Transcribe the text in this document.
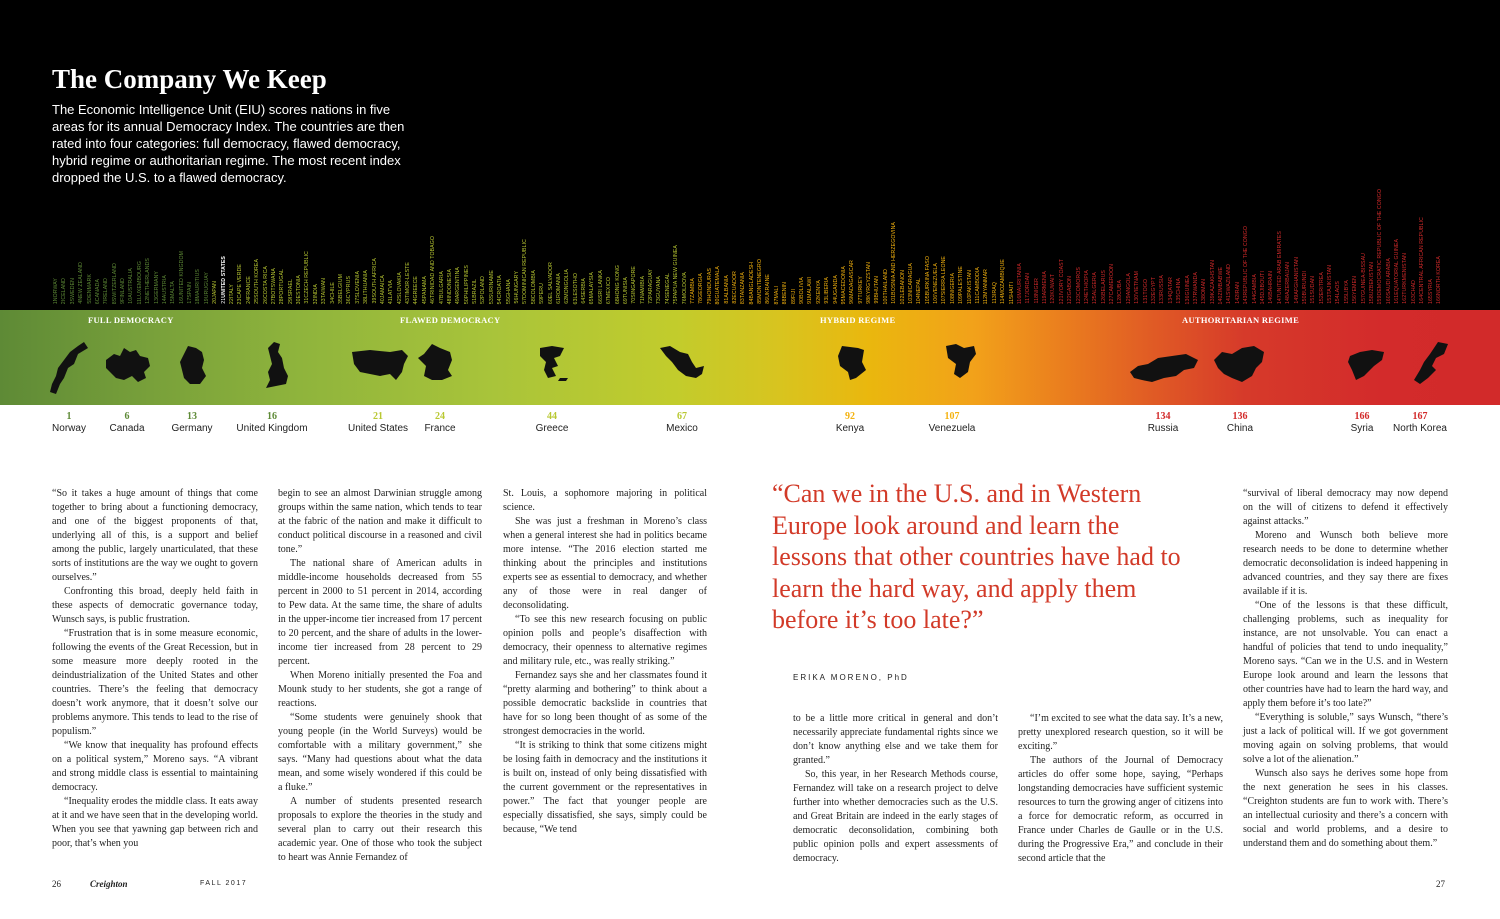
The Company We Keep

The Economic Intelligence Unit (EIU) scores nations in five areas for its annual Democracy Index. The countries are then rated into four categories: full democracy, flawed democracy, hybrid regime or authoritarian regime. The most recent index dropped the U.S. to a flawed democracy.

1NORWAY
2ICELAND
3SWEDEN
4NEW ZEALAND
5DENMARK
6CANADA
7IRELAND
8SWITZERLAND
9FINLAND
10AUSTRALIA
11LUXEMBOURG
12NETHERLANDS
13GERMANY
14AUSTRIA
15MALTA
16UNITED KINGDOM
17SPAIN
18MAURITIUS
19URUGUAY
20JAPAN
21UNITED STATES
22ITALY
23CAPE VERDE
24FRANCE
25SOUTH KOREA
26COSTA RICA
27BOTSWANA
28PORTUGAL
29ISRAEL
30ESTONIA
31CZECH REPUBLIC
32INDIA
33TAIWAN
34CHILE
35BELGIUM
36CYPRUS
37SLOVENIA
38LITHUANIA
39SOUTH AFRICA
40JAMAICA
41LATVIA
42SLOVAKIA
43TIMOR-LESTE
44GREECE
45PANAMA
46TRINIDAD AND TOBAGO
47BULGARIA
48INDONESIA
49ARGENTINA
50PHILIPPINES
51BRAZIL
52POLAND
53SURINAME
54CROATIA
55GHANA
56HUNGARY
57DOMINICAN REPUBLIC
58COLOMBIA
59PERU
60EL SALVADOR
61ROMANIA
62MONGOLIA
63LESOTHO
64SERBIA
65MALAYSIA
66SRI LANKA
67MEXICO
68HONG KONG
69TUNISIA
70SINGAPORE
71NAMIBIA
72PARAGUAY
73GUYANA
74SENEGAL
75PAPUA NEW GUINEA
76MOLDOVA
77ZAMBIA
78GEORGIA
79HONDURAS
80GUATEMALA
81ALBANIA
82ECUADOR
83TANZANIA
84BANGLADESH
85MONTENEGRO
86UKRAINE
87MALI
88BENIN
89FIJI
90BOLIVIA
91MALAWI
92KENYA
93LIBERIA
94UGANDA
95MACEDONIA
96MADAGASCAR
97TURKEY
98KYRGYZSTAN
99BHUTAN
100THAILAND
101BOSNIA AND HERZEGOVINA
102LEBANON
103NICARAGUA
104NEPAL
105BURKINA FASO
106VENEZUELA
107SIERRA LEONE
108NIGERIA
109PALESTINE
110PAKISTAN
111CAMBODIA
112MYANMAR
113IRAQ
114MOZAMBIQUE
115HAITI
116MAURITANIA
117JORDAN
118NIGER
119ARMENIA
120KUWAIT
121IVORY COAST
122GABON
123COMOROS
124ETHIOPIA
125ALGERIA
126BELARUS
127CAMEROON
128CUBA
129ANGOLA
130VIETNAM
131TOGO
132EGYPT
133RUSSIA
134QATAR
135CHINA
136GUINEA
137RWANDA
138OMAN
139KAZAKHSTAN
140ZIMBABWE
141SWAZILAND
142IRAN
143REPUBLIC OF THE CONGO
144GAMBIA
145DJIBOUTI
146BAHRAIN
147UNITED ARAB EMIRATES
148AZERBAIJAN
149AFGHANISTAN
150BURUNDI
151SUDAN
152ERITREA
153TAJIKISTAN
154LAOS
155LIBYA
156YEMEN
157GUINEA-BISSAU
158UZBEKISTAN
159DEMOCRATIC REPUBLIC OF THE CONGO
160SAUDI ARABIA
161EQUATORIAL GUINEA
162TURKMENISTAN
163CHAD
164CENTRAL AFRICAN REPUBLIC
165SYRIA
166NORTH KOREA
FULL DEMOCRACY	FLAWED DEMOCRACY	HYBRID REGIME	AUTHORITARIAN REGIME
1
Norway
6
Canada
13
Germany
16
United Kingdom
21
United States
24
France
44
Greece
67
Mexico
92
Kenya
107
Venezuela
134
Russia
136
China
166
Syria
167
North Korea

“So it takes a huge amount of things that come together to bring about a functioning democracy, and one of the biggest proponents of that, underlying all of this, is a support and belief among the public, largely unarticulated, that these sorts of institutions are the way we ought to govern ourselves.”

Confronting this broad, deeply held faith in these aspects of democratic governance today, Wunsch says, is public frustration.

“Frustration that is in some measure economic, following the events of the Great Recession, but in some measure more deeply rooted in the deindustrialization of the United States and other countries. There’s the feeling that democracy doesn’t work anymore, that it doesn’t solve our problems anymore. This tends to lead to the rise of populism.”

“We know that inequality has profound effects on a political system,” Moreno says. “A vibrant and strong middle class is essential to maintaining democracy.

“Inequality erodes the middle class. It eats away at it and we have seen that in the developing world. When you see that yawning gap between rich and poor, that’s when you

begin to see an almost Darwinian struggle among groups within the same nation, which tends to tear at the fabric of the nation and make it difficult to conduct political discourse in a reasoned and civil tone.”

The national share of American adults in middle-income households decreased from 55 percent in 2000 to 51 percent in 2014, according to Pew data. At the same time, the share of adults in the upper-income tier increased from 17 percent to 20 percent, and the share of adults in the lower-income tier increased from 28 percent to 29 percent.

When Moreno initially presented the Foa and Mounk study to her students, she got a range of reactions.

“Some students were genuinely shook that young people (in the World Surveys) would be comfortable with a military government,” she says. “Many had questions about what the data mean, and some wisely wondered if this could be a fluke.”

A number of students presented research proposals to explore the theories in the study and several plan to carry out their research this academic year. One of those who took the subject to heart was Annie Fernandez of

St. Louis, a sophomore majoring in political science.

She was just a freshman in Moreno’s class when a general interest she had in politics became more intense. “The 2016 election started me thinking about the principles and institutions experts see as essential to democracy, and whether any of those were in real danger of deconsolidating.

“To see this new research focusing on public opinion polls and people’s disaffection with democracy, their openness to alternative regimes and military rule, etc., was really striking.”

Fernandez says she and her classmates found it “pretty alarming and bothering” to think about a possible democratic backslide in countries that have for so long been thought of as some of the strongest democracies in the world.

“It is striking to think that some citizens might be losing faith in democracy and the institutions it is built on, instead of only being dissatisfied with the current government or the representatives in power.” The fact that younger people are especially dissatisfied, she says, simply could be because, “We tend

“Can we in the U.S. and in Western Europe look around and learn the lessons that other countries have had to learn the hard way, and apply them before it’s too late?”

ERIKA MORENO, PhD

to be a little more critical in general and don’t necessarily appreciate fundamental rights since we don’t know anything else and we take them for granted.”

So, this year, in her Research Methods course, Fernandez will take on a research project to delve further into whether democracies such as the U.S. and Great Britain are indeed in the early stages of democratic deconsolidation, combining both public opinion polls and expert assessments of democracy.

“I’m excited to see what the data say. It’s a new, pretty unexplored research question, so it will be exciting.”

The authors of the Journal of Democracy articles do offer some hope, saying, “Perhaps longstanding democracies have sufficient systemic resources to turn the growing anger of citizens into a force for democratic reform, as occurred in France under Charles de Gaulle or in the U.S. during the Progressive Era,” and conclude in their second article that the

“survival of liberal democracy may now depend on the will of citizens to defend it effectively against attacks.”

Moreno and Wunsch both believe more research needs to be done to determine whether democratic deconsolidation is indeed happening in advanced countries, and they say there are fixes available if it is.

“One of the lessons is that these difficult, challenging problems, such as inequality for instance, are not unsolvable. You can enact a handful of policies that tend to undo inequality,” Moreno says. “Can we in the U.S. and in Western Europe look around and learn the lessons that other countries have had to learn the hard way, and apply them before it’s too late?”

“Everything is soluble,” says Wunsch, “there’s just a lack of political will. If we got government moving again on solving problems, that would solve a lot of the alienation.”

Wunsch also says he derives some hope from the next generation he sees in his classes. “Creighton students are fun to work with. There’s an intellectual curiosity and there’s a concern with social and world problems, and a desire to understand them and do something about them.”

26	Creighton	FALL 2017	27
